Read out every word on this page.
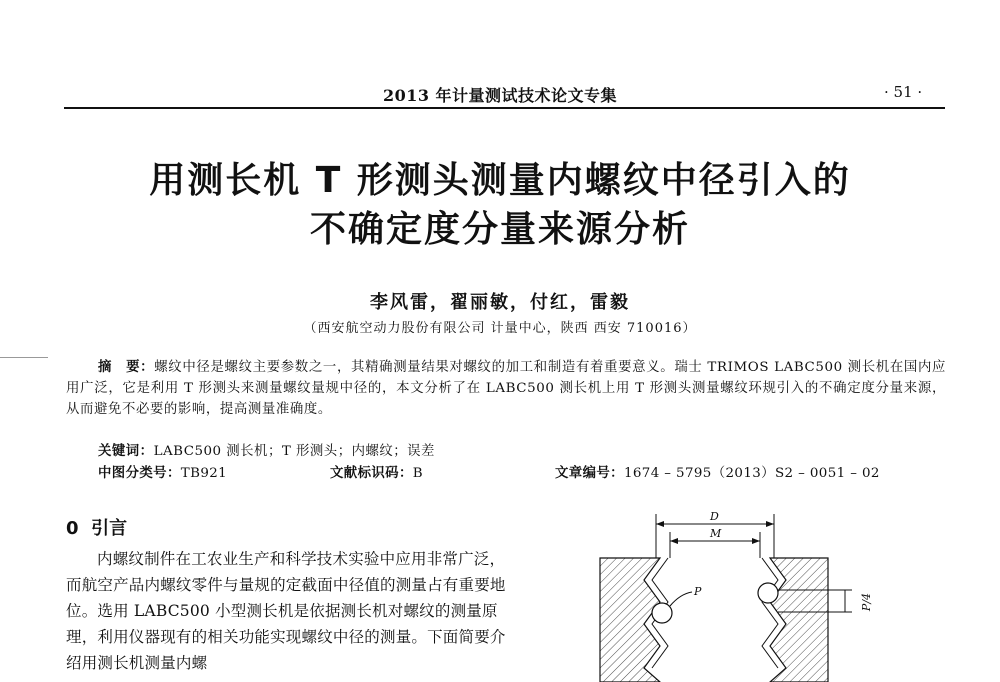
2013 年计量测试技术论文专集	· 51 ·
用测长机 T 形测头测量内螺纹中径引入的
不确定度分量来源分析
李风雷，翟丽敏，付红，雷毅
（西安航空动力股份有限公司 计量中心，陕西 西安 710016）
摘　要：螺纹中径是螺纹主要参数之一，其精确测量结果对螺纹的加工和制造有着重要意义。瑞士 TRIMOS LABC500 测长机在国内应用广泛，它是利用 T 形测头来测量螺纹量规中径的，本文分析了在 LABC500 测长机上用 T 形测头测量螺纹环规引入的不确定度分量来源，从而避免不必要的影响，提高测量准确度。
关键词：LABC500 测长机；T 形测头；内螺纹；误差
中图分类号：TB921	文献标识码：B	文章编号：1674 – 5795（2013）S2 – 0051 – 02
0 引言

内螺纹制件在工农业生产和科学技术实验中应用非常广泛，而航空产品内螺纹零件与量规的定截面中径值的测量占有重要地位。选用 LABC500 小型测长机是依据测长机对螺纹的测量原理，利用仪器现有的相关功能实现螺纹中径的测量。下面简要介绍用测长机测量内螺

D
M
P
P/4
